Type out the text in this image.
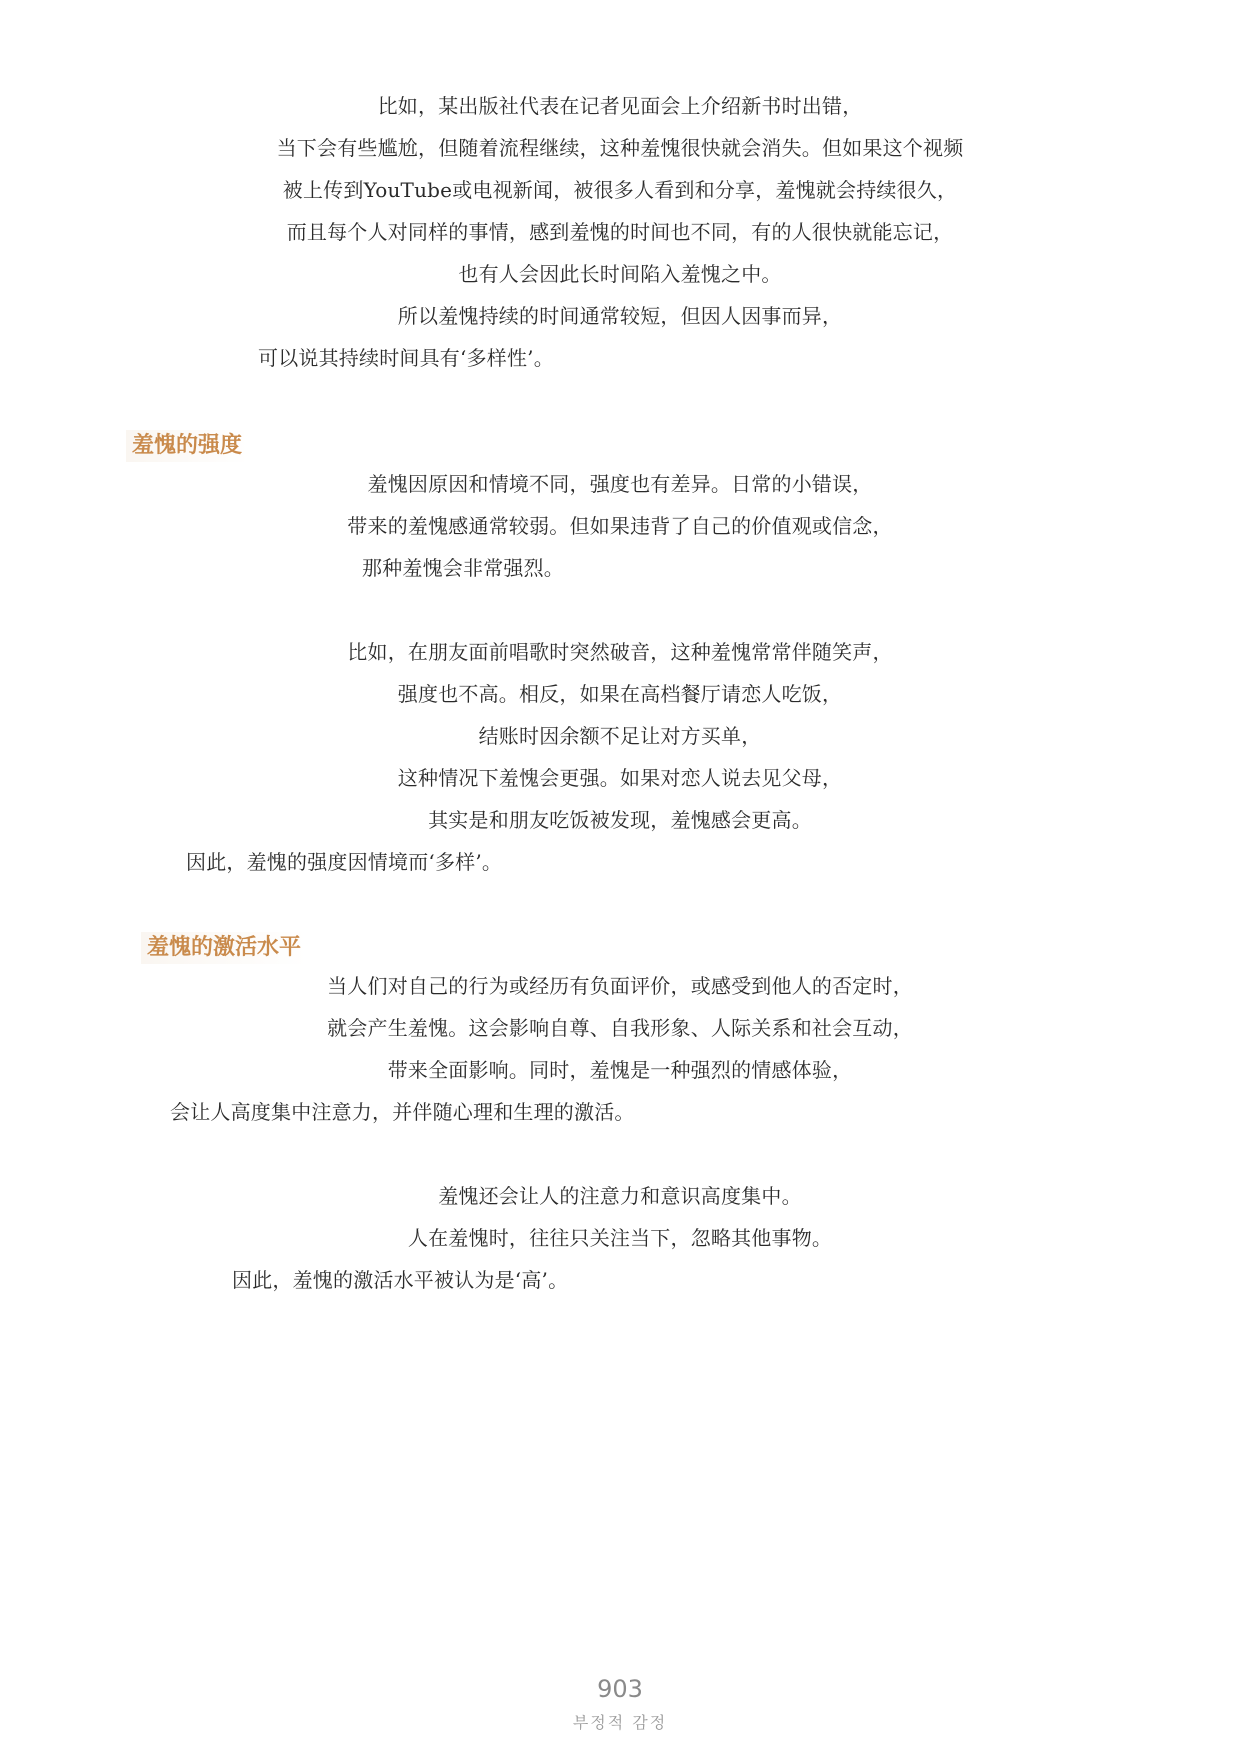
比如，某出版社代表在记者见面会上介绍新书时出错，
当下会有些尴尬，但随着流程继续，这种羞愧很快就会消失。但如果这个视频
被上传到YouTube或电视新闻，被很多人看到和分享，羞愧就会持续很久，
而且每个人对同样的事情，感到羞愧的时间也不同，有的人很快就能忘记，
也有人会因此长时间陷入羞愧之中。
所以羞愧持续的时间通常较短，但因人因事而异，
可以说其持续时间具有‘多样性’。
羞愧的强度
羞愧因原因和情境不同，强度也有差异。日常的小错误，
带来的羞愧感通常较弱。但如果违背了自己的价值观或信念，
那种羞愧会非常强烈。
比如，在朋友面前唱歌时突然破音，这种羞愧常常伴随笑声，
强度也不高。相反，如果在高档餐厅请恋人吃饭，
结账时因余额不足让对方买单，
这种情况下羞愧会更强。如果对恋人说去见父母，
其实是和朋友吃饭被发现，羞愧感会更高。
因此，羞愧的强度因情境而‘多样’。
羞愧的激活水平
当人们对自己的行为或经历有负面评价，或感受到他人的否定时，
就会产生羞愧。这会影响自尊、自我形象、人际关系和社会互动，
带来全面影响。同时，羞愧是一种强烈的情感体验，
会让人高度集中注意力，并伴随心理和生理的激活。
羞愧还会让人的注意力和意识高度集中。
人在羞愧时，往往只关注当下，忽略其他事物。
因此，羞愧的激活水平被认为是‘高’。
903
부정적 감정
